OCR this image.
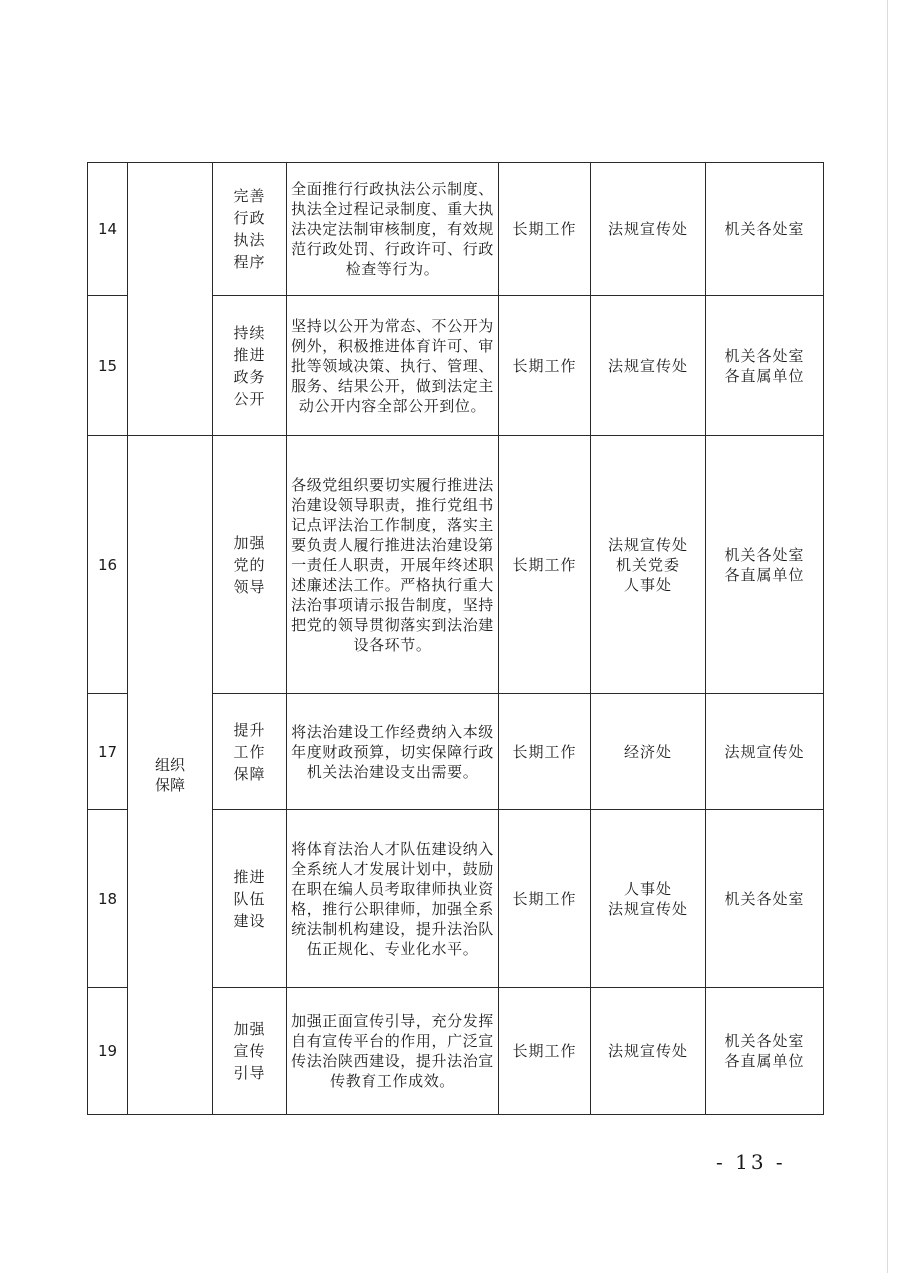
14		完善
行政
执法
程序	全面推行行政执法公示制度、执法全过程记录制度、重大执法决定法制审核制度，有效规范行政处罚、行政许可、行政检查等行为。	长期工作	法规宣传处	机关各处室

15		持续
推进
政务
公开	坚持以公开为常态、不公开为例外，积极推进体育许可、审批等领域决策、执行、管理、服务、结果公开，做到法定主动公开内容全部公开到位。	长期工作	法规宣传处	机关各处室
各直属单位

16	组织
保障	加强
党的
领导	各级党组织要切实履行推进法治建设领导职责，推行党组书记点评法治工作制度，落实主要负责人履行推进法治建设第一责任人职责，开展年终述职述廉述法工作。严格执行重大法治事项请示报告制度，坚持把党的领导贯彻落实到法治建设各环节。	长期工作	法规宣传处
机关党委
人事处	机关各处室
各直属单位

17		提升
工作
保障	将法治建设工作经费纳入本级年度财政预算，切实保障行政机关法治建设支出需要。	长期工作	经济处	法规宣传处

18		推进
队伍
建设	将体育法治人才队伍建设纳入全系统人才发展计划中，鼓励在职在编人员考取律师执业资格，推行公职律师，加强全系统法制机构建设，提升法治队伍正规化、专业化水平。	长期工作	人事处
法规宣传处	机关各处室

19		加强
宣传
引导	加强正面宣传引导，充分发挥自有宣传平台的作用，广泛宣传法治陕西建设，提升法治宣传教育工作成效。	长期工作	法规宣传处	机关各处室
各直属单位
- 13 -
